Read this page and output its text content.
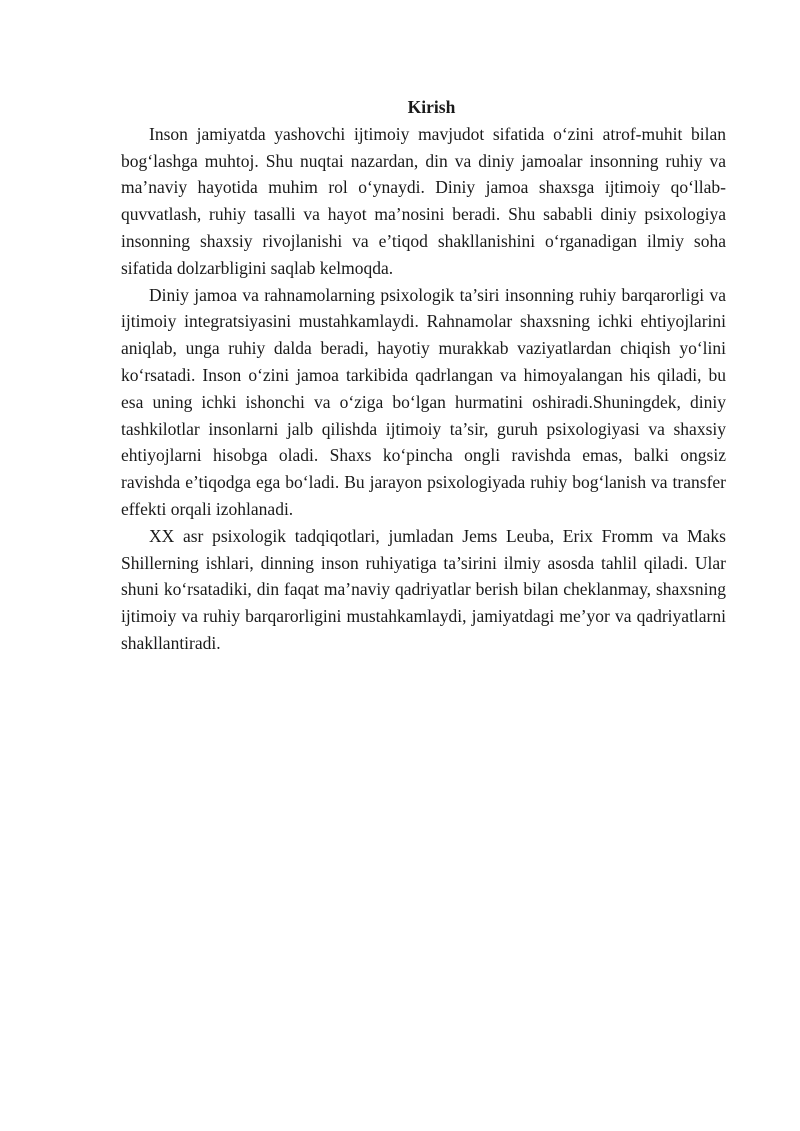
Kirish

Inson jamiyatda yashovchi ijtimoiy mavjudot sifatida o‘zini atrof-muhit bilan bog‘lashga muhtoj. Shu nuqtai nazardan, din va diniy jamoalar insonning ruhiy va ma’naviy hayotida muhim rol o‘ynaydi. Diniy jamoa shaxsga ijtimoiy qo‘llab-quvvatlash, ruhiy tasalli va hayot ma’nosini beradi. Shu sababli diniy psixologiya insonning shaxsiy rivojlanishi va e’tiqod shakllanishini o‘rganadigan ilmiy soha sifatida dolzarbligini saqlab kelmoqda.

Diniy jamoa va rahnamolarning psixologik ta’siri insonning ruhiy barqarorligi va ijtimoiy integratsiyasini mustahkamlaydi. Rahnamolar shaxsning ichki ehtiyojlarini aniqlab, unga ruhiy dalda beradi, hayotiy murakkab vaziyatlardan chiqish yo‘lini ko‘rsatadi. Inson o‘zini jamoa tarkibida qadrlangan va himoyalangan his qiladi, bu esa uning ichki ishonchi va o‘ziga bo‘lgan hurmatini oshiradi.Shuningdek, diniy tashkilotlar insonlarni jalb qilishda ijtimoiy ta’sir, guruh psixologiyasi va shaxsiy ehtiyojlarni hisobga oladi. Shaxs ko‘pincha ongli ravishda emas, balki ongsiz ravishda e’tiqodga ega bo‘ladi. Bu jarayon psixologiyada ruhiy bog‘lanish va transfer effekti orqali izohlanadi.

XX asr psixologik tadqiqotlari, jumladan Jems Leuba, Erix Fromm va Maks Shillerning ishlari, dinning inson ruhiyatiga ta’sirini ilmiy asosda tahlil qiladi. Ular shuni ko‘rsatadiki, din faqat ma’naviy qadriyatlar berish bilan cheklanmay, shaxsning ijtimoiy va ruhiy barqarorligini mustahkamlaydi, jamiyatdagi me’yor va qadriyatlarni shakllantiradi.
